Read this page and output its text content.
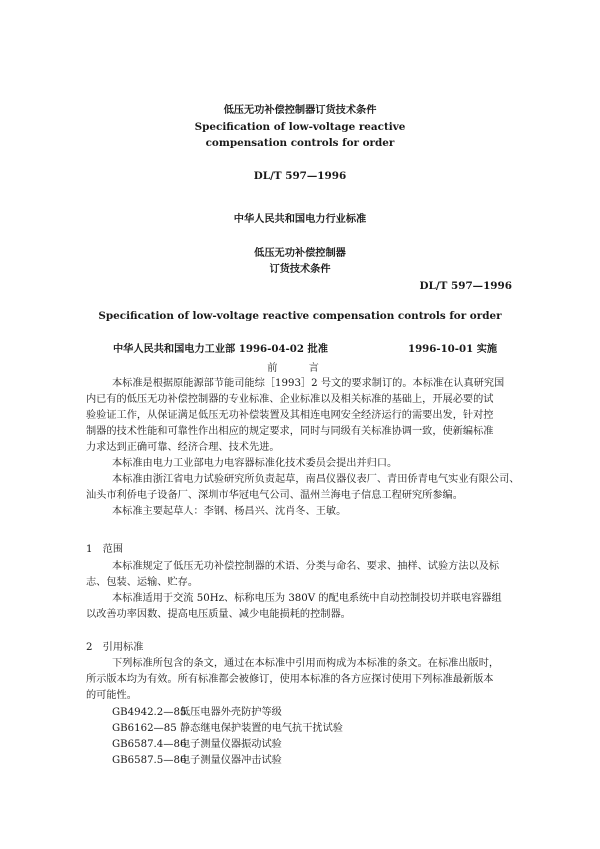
低压无功补偿控制器订货技术条件
Specification of low-voltage reactive
compensation controls for order
DL/T 597—1996
中华人民共和国电力行业标准
低压无功补偿控制器
订货技术条件
DL/T 597—1996
Specification of low-voltage reactive compensation controls for order
中华人民共和国电力工业部 1996-04-02 批准	1996-10-01 实施
前 言
本标准是根据原能源部节能司能综［1993］2 号文的要求制订的。本标准在认真研究国
内已有的低压无功补偿控制器的专业标准、企业标准以及相关标准的基础上，开展必要的试
验验证工作，从保证满足低压无功补偿装置及其相连电网安全经济运行的需要出发，针对控
制器的技术性能和可靠性作出相应的规定要求，同时与同级有关标准协调一致，使新编标准
力求达到正确可靠、经济合理、技术先进。
本标准由电力工业部电力电容器标准化技术委员会提出并归口。
本标准由浙江省电力试验研究所负责起草，南昌仪器仪表厂、青田侨青电气实业有限公司、
汕头市利侨电子设备厂、深圳市华冠电气公司、温州兰海电子信息工程研究所参编。
本标准主要起草人：李钢、杨昌兴、沈肖冬、王敏。
1　范围
本标准规定了低压无功补偿控制器的术语、分类与命名、要求、抽样、试验方法以及标
志、包装、运输、贮存。
本标准适用于交流 50Hz、标称电压为 380V 的配电系统中自动控制投切并联电容器组
以改善功率因数、提高电压质量、减少电能损耗的控制器。
2　引用标准
下列标准所包含的条文，通过在本标准中引用而构成为本标准的条文。在标准出版时，
所示版本均为有效。所有标准都会被修订，使用本标准的各方应探讨使用下列标准最新版本
的可能性。
GB4942.2—85低压电器外壳防护等级
GB6162—85 静态继电保护装置的电气抗干扰试验
GB6587.4—86电子测量仪器振动试验
GB6587.5—86电子测量仪器冲击试验
